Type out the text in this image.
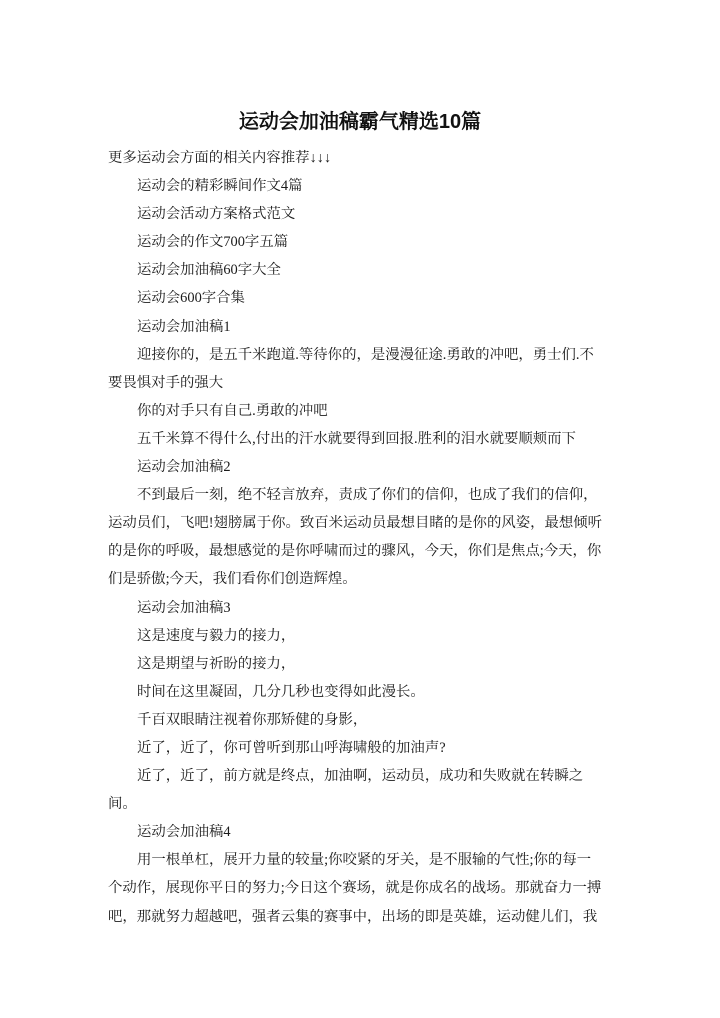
运动会加油稿霸气精选10篇
更多运动会方面的相关内容推荐↓↓↓
运动会的精彩瞬间作文4篇
运动会活动方案格式范文
运动会的作文700字五篇
运动会加油稿60字大全
运动会600字合集
运动会加油稿1
迎接你的，是五千米跑道.等待你的，是漫漫征途.勇敢的冲吧，勇士们.不
要畏惧对手的强大
你的对手只有自己.勇敢的冲吧
五千米算不得什么,付出的汗水就要得到回报.胜利的泪水就要顺颊而下
运动会加油稿2
不到最后一刻，绝不轻言放弃，责成了你们的信仰，也成了我们的信仰，
运动员们，飞吧!翅膀属于你。致百米运动员最想目睹的是你的风姿，最想倾听
的是你的呼吸，最想感觉的是你呼啸而过的骤风，今天，你们是焦点;今天，你
们是骄傲;今天，我们看你们创造辉煌。
运动会加油稿3
这是速度与毅力的接力，
这是期望与祈盼的接力，
时间在这里凝固，几分几秒也变得如此漫长。
千百双眼睛注视着你那矫健的身影，
近了，近了，你可曾听到那山呼海啸般的加油声?
近了，近了，前方就是终点，加油啊，运动员，成功和失败就在转瞬之
间。
运动会加油稿4
用一根单杠，展开力量的较量;你咬紧的牙关，是不服输的气性;你的每一
个动作，展现你平日的努力;今日这个赛场，就是你成名的战场。那就奋力一搏
吧，那就努力超越吧，强者云集的赛事中，出场的即是英雄，运动健儿们，我
